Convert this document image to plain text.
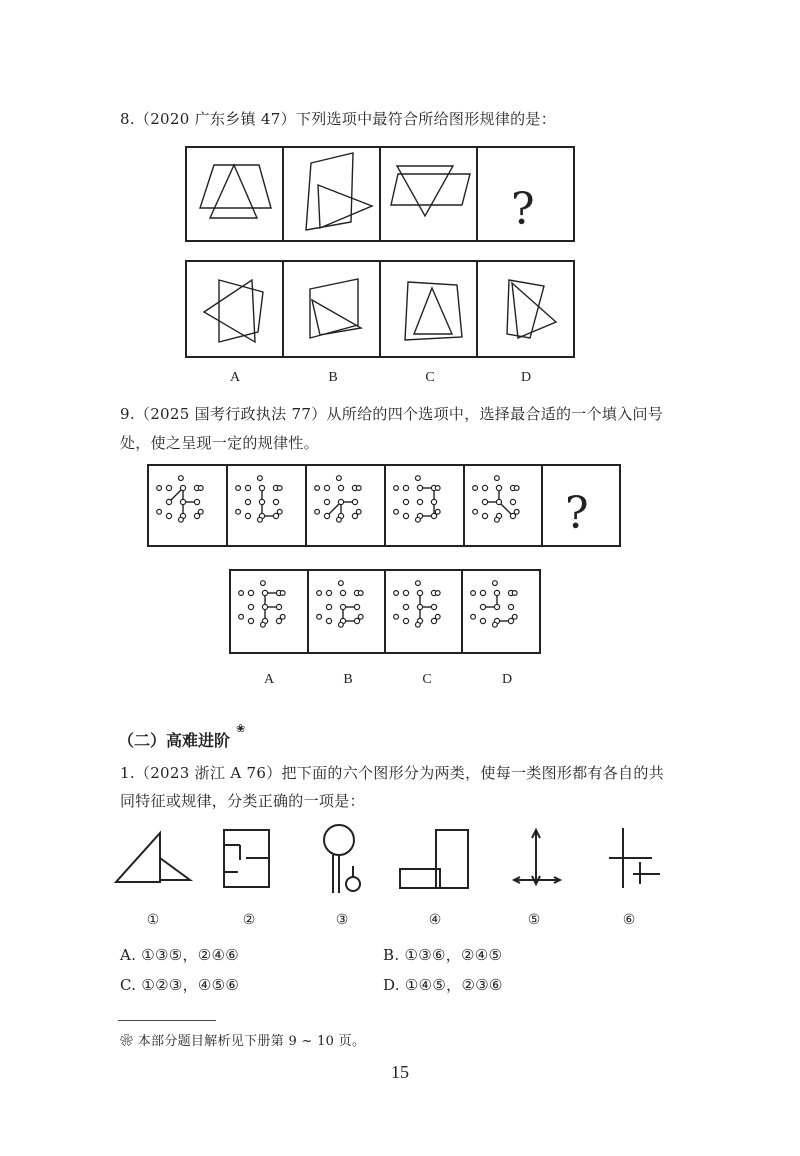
8.（2020 广东乡镇 47）下列选项中最符合所给图形规律的是：
?
A	B	C	D
9.（2025 国考行政执法 77）从所给的四个选项中，选择最合适的一个填入问号
处，使之呈现一定的规律性。
?
A	B	C	D
（二）高难进阶
❀
1.（2023 浙江 A 76）把下面的六个图形分为两类，使每一类图形都有各自的共
同特征或规律，分类正确的一项是：
①	②	③	④	⑤	⑥
A. ①③⑤，②④⑥	B. ①③⑥，②④⑤
C. ①②③，④⑤⑥	D. ①④⑤，②③⑥
❀ 本部分题目解析见下册第 9 ~ 10 页。
15
